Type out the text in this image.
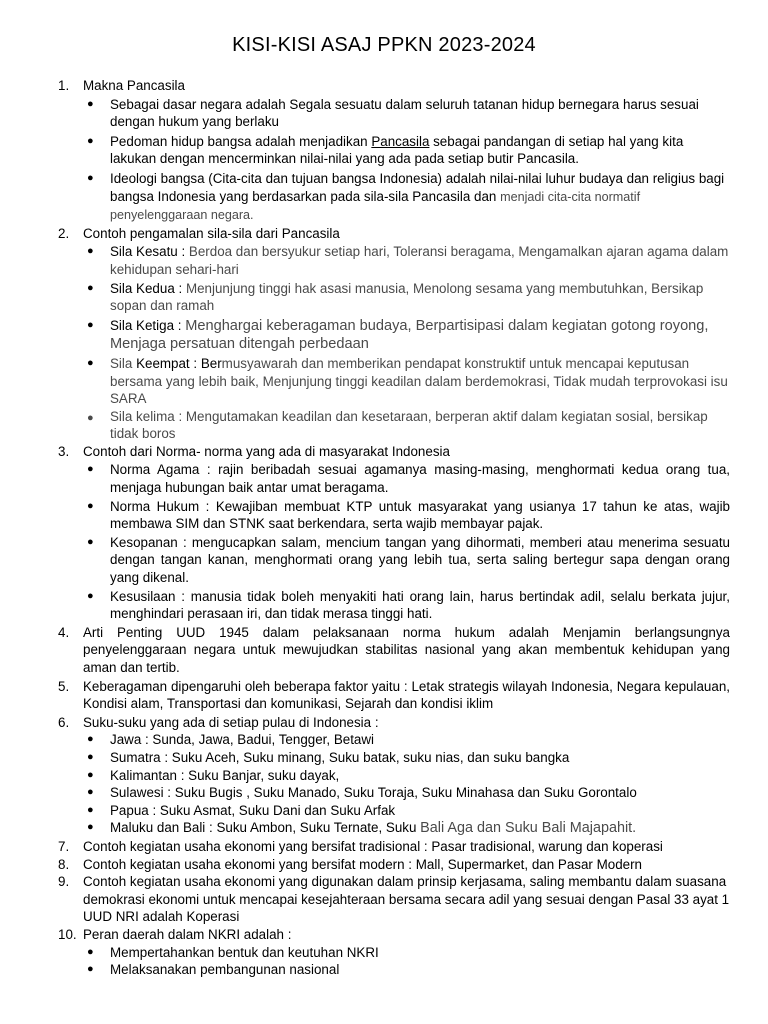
KISI-KISI ASAJ PPKN 2023-2024
1. Makna Pancasila
● Sebagai dasar negara adalah Segala sesuatu dalam seluruh tatanan hidup bernegara harus sesuai dengan hukum yang berlaku
● Pedoman hidup bangsa adalah menjadikan Pancasila sebagai pandangan di setiap hal yang kita lakukan dengan mencerminkan nilai-nilai yang ada pada setiap butir Pancasila.
● Ideologi bangsa (Cita-cita dan tujuan bangsa Indonesia) adalah nilai-nilai luhur budaya dan religius bagi bangsa Indonesia yang berdasarkan pada sila-sila Pancasila dan menjadi cita-cita normatif penyelenggaraan negara.
2. Contoh pengamalan sila-sila dari Pancasila
● Sila Kesatu : Berdoa dan bersyukur setiap hari, Toleransi beragama, Mengamalkan ajaran agama dalam kehidupan sehari-hari
● Sila Kedua : Menjunjung tinggi hak asasi manusia, Menolong sesama yang membutuhkan, Bersikap sopan dan ramah
● Sila Ketiga : Menghargai keberagaman budaya, Berpartisipasi dalam kegiatan gotong royong, Menjaga persatuan ditengah perbedaan
● Sila Keempat : Bermusyawarah dan memberikan pendapat konstruktif untuk mencapai keputusan bersama yang lebih baik, Menjunjung tinggi keadilan dalam berdemokrasi, Tidak mudah terprovokasi isu SARA
● Sila kelima : Mengutamakan keadilan dan kesetaraan, berperan aktif dalam kegiatan sosial, bersikap tidak boros
3. Contoh dari Norma- norma yang ada di masyarakat Indonesia
● Norma Agama : rajin beribadah sesuai agamanya masing-masing, menghormati kedua orang tua, menjaga hubungan baik antar umat beragama.
● Norma Hukum : Kewajiban membuat KTP untuk masyarakat yang usianya 17 tahun ke atas, wajib membawa SIM dan STNK saat berkendara, serta wajib membayar pajak.
● Kesopanan : mengucapkan salam, mencium tangan yang dihormati, memberi atau menerima sesuatu dengan tangan kanan, menghormati orang yang lebih tua, serta saling bertegur sapa dengan orang yang dikenal.
● Kesusilaan : manusia tidak boleh menyakiti hati orang lain, harus bertindak adil, selalu berkata jujur, menghindari perasaan iri, dan tidak merasa tinggi hati.
4. Arti Penting UUD 1945 dalam pelaksanaan norma hukum adalah Menjamin berlangsungnya penyelenggaraan negara untuk mewujudkan stabilitas nasional yang akan membentuk kehidupan yang aman dan tertib.
5. Keberagaman dipengaruhi oleh beberapa faktor yaitu : Letak strategis wilayah Indonesia, Negara kepulauan, Kondisi alam, Transportasi dan komunikasi, Sejarah dan kondisi iklim
6. Suku-suku yang ada di setiap pulau di Indonesia :
● Jawa : Sunda, Jawa, Badui, Tengger, Betawi
● Sumatra : Suku Aceh, Suku minang, Suku batak, suku nias, dan suku bangka
● Kalimantan : Suku Banjar, suku dayak,
● Sulawesi : Suku Bugis , Suku Manado, Suku Toraja, Suku Minahasa dan Suku Gorontalo
● Papua : Suku Asmat, Suku Dani dan Suku Arfak
● Maluku dan Bali : Suku Ambon, Suku Ternate, Suku Bali Aga dan Suku Bali Majapahit.
7. Contoh kegiatan usaha ekonomi yang bersifat tradisional : Pasar tradisional, warung dan koperasi
8. Contoh kegiatan usaha ekonomi yang bersifat modern : Mall, Supermarket, dan Pasar Modern
9. Contoh kegiatan usaha ekonomi yang digunakan dalam prinsip kerjasama, saling membantu dalam suasana demokrasi ekonomi untuk mencapai kesejahteraan bersama secara adil yang sesuai dengan Pasal 33 ayat 1 UUD NRI adalah Koperasi
10. Peran daerah dalam NKRI adalah :
● Mempertahankan bentuk dan keutuhan NKRI
● Melaksanakan pembangunan nasional
